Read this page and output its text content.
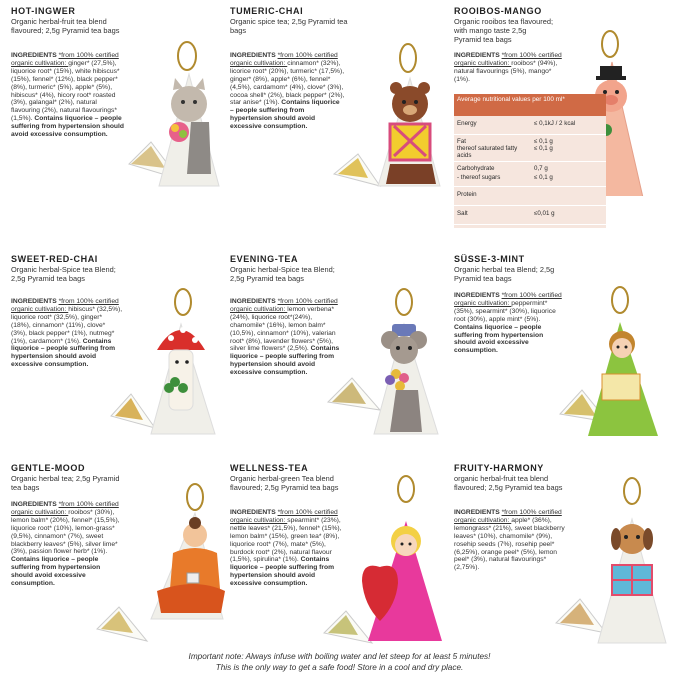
HOT-INGWER
Organic herbal-fruit tea blend flavoured; 2,5g Pyramid tea bags
INGREDIENTS *from 100% certified organic cultivation: ginger* (27,5%), liquorice root* (15%), white hibiscus* (15%), fennel* (12%), black pepper* (8%), turmeric* (5%), apple* (5%), hibiscus* (4%), hicory root* roasted (3%), galangal* (2%), natural flavouring (2%), natural flavourings* (1,5%). Contains liquorice – people suffering from hypertension should avoid excessive consumption.
TUMERIC-CHAI
Organic spice tea; 2,5g Pyramid tea bags
INGREDIENTS *from 100% certified organic cultivation: cinnamon* (32%), licorice root* (20%), turmeric* (17,5%), ginger* (8%), apple* (6%), fennel* (4,5%), cardamom* (4%), clove* (3%), cocoa shell* (2%), black pepper* (2%), star anise* (1%). Contains liquorice – people suffering from hypertension should avoid excessive consumption.
ROOIBOS-MANGO
Organic rooibos tea flavoured; with mango taste 2,5g Pyramid tea bags
INGREDIENTS *from 100% certified organic cultivation: rooibos* (94%), natural flavourings (5%), mango* (1%).
Average nutritional values per 100 ml*
Energy	≤ 0,1kJ / 2 kcal
Fat
thereof saturated fatty acids
≤ 0,1 g
≤ 0,1 g
Carbohydrate
- thereof sugars
0,7 g
≤ 0,1 g
Protein
Salt	≤0,01 g
SWEET-RED-CHAI
Organic herbal-Spice tea Blend; 2,5g Pyramid tea bags
INGREDIENTS *from 100% certified organic cultivation: hibiscus* (32,5%), liquorice root* (32,5%), ginger* (18%), cinnamon* (11%), clove* (3%), black pepper* (1%), nutmeg* (1%), cardamom* (1%). Contains liquorice – people suffering from hypertension should avoid excessive consumption.
EVENING-TEA
Organic herbal-Spice tea Blend; 2,5g Pyramid tea bags
INGREDIENTS *from 100% certified organic cultivation: lemon verbena* (24%), liquorice root*(24%), chamomile* (16%), lemon balm*(10,5%), cinnamon* (10%), valerian root* (8%), lavender flowers* (5%), silver lime flowers* (2,5%). Contains liquorice – people suffering from hypertension should avoid excessive consumption.
SÜSSE-3-MINT
Organic herbal tea Blend; 2,5g Pyramid tea bags
INGREDIENTS *from 100% certified organic cultivation: peppermint* (35%), spearmint* (30%), liquorice root (30%), apple mint* (5%). Contains liquorice – people suffering from hypertension should avoid excessive consumption.
GENTLE-MOOD
Organic herbal tea; 2,5g Pyramid tea bags
INGREDIENTS *from 100% certified organic cultivation: rooibos* (30%), lemon balm* (20%), fennel* (15,5%), liquorice root* (10%), lemon-grass* (9,5%), cinnamon* (7%), sweet blackberry leaves* (5%), silver lime* (3%), passion flower herb* (1%). Contains liquorice – people suffering from hypertension should avoid excessive consumption.
WELLNESS-TEA
Organic herbal-green Tea blend flavoured; 2,5g Pyramid tea bags
INGREDIENTS *from 100% certified organic cultivation: spearmint* (23%), nettle leaves* (21,5%), fennel* (15%), lemon balm* (15%), green tea* (8%), liquorice root* (7%), mate* (5%), burdock root* (2%), natural flavour (1,5%), spirulina* (1%). Contains liquorice – people suffering from hypertension should avoid excessive consumption.
FRUITY-HARMONY
organic herbal-fruit tea blend flavoured; 2,5g Pyramid tea bags
INGREDIENTS *from 100% certified organic cultivation: apple* (36%), lemongrass* (21%), sweet blackberry leaves* (10%), chamomile* (9%), rosehip seeds (7%), rosehip peel* (6,25%), orange peel* (5%), lemon peel* (3%), natural flavourings* (2,75%).
Important note: Always infuse with boiling water and let steep for at least 5 minutes!
This is the only way to get a safe food! Store in a cool and dry place.
